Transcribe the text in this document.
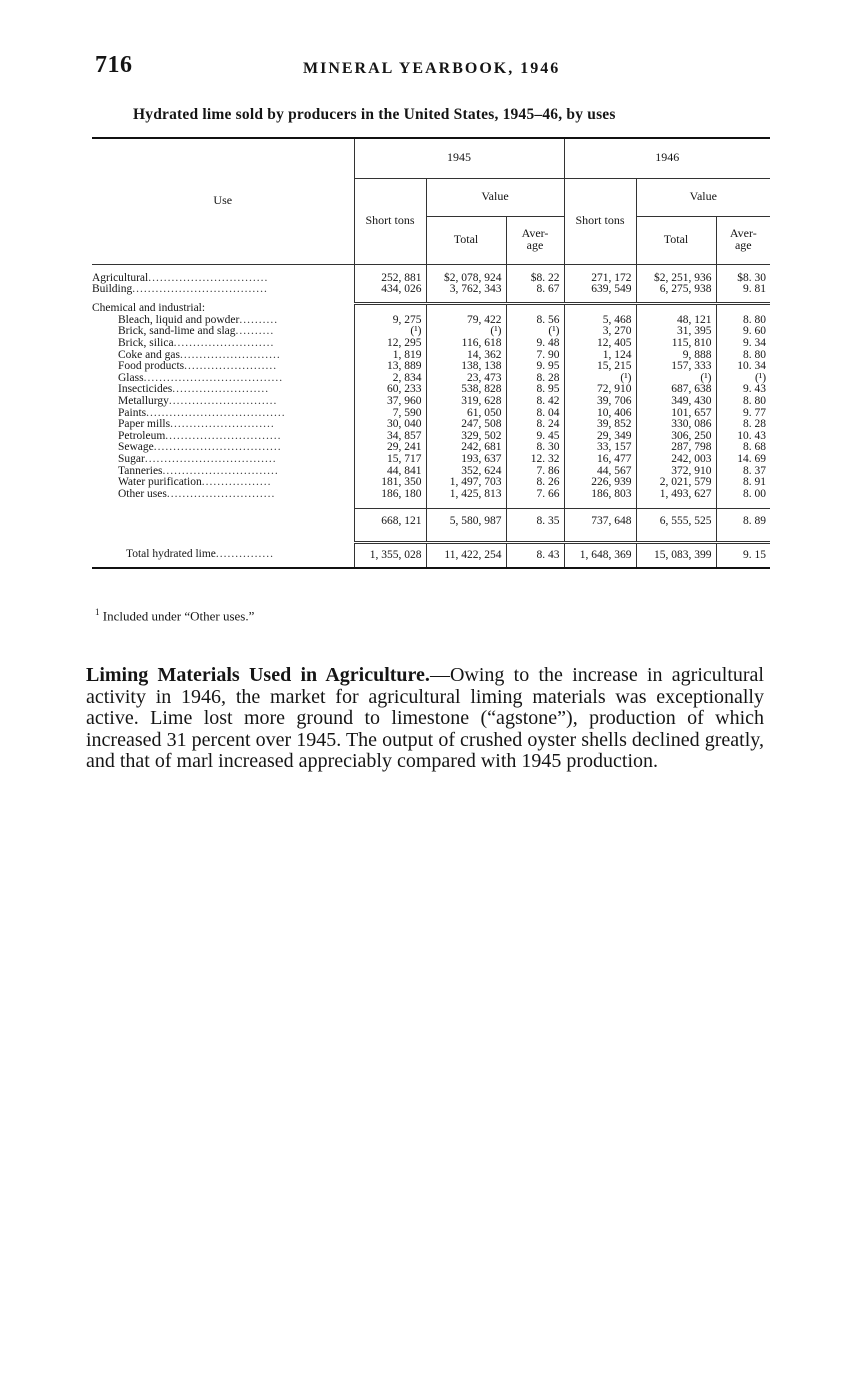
716	MINERAL YEARBOOK, 1946
Hydrated lime sold by producers in the United States, 1945–46, by uses
Use	1945			1946		
	Short tons	Value		Short tons	Value	
		Total	Aver-age		Total	Aver-age

Agricultural...............................	252, 881	$2, 078, 924	$8. 22	271, 172	$2, 251, 936	$8. 30
Building...................................	434, 026	3, 762, 343	8. 67	639, 549	6, 275, 938	9. 81

Chemical and industrial:						
Bleach, liquid and powder..........	9, 275	79, 422	8. 56	5, 468	48, 121	8. 80
Brick, sand-lime and slag..........	(¹)	(¹)	(¹)	3, 270	31, 395	9. 60
Brick, silica..........................	12, 295	116, 618	9. 48	12, 405	115, 810	9. 34
Coke and gas..........................	1, 819	14, 362	7. 90	1, 124	9, 888	8. 80
Food products........................	13, 889	138, 138	9. 95	15, 215	157, 333	10. 34
Glass....................................	2, 834	23, 473	8. 28	(¹)	(¹)	(¹)
Insecticides.........................	60, 233	538, 828	8. 95	72, 910	687, 638	9. 43
Metallurgy............................	37, 960	319, 628	8. 42	39, 706	349, 430	8. 80
Paints....................................	7, 590	61, 050	8. 04	10, 406	101, 657	9. 77
Paper mills...........................	30, 040	247, 508	8. 24	39, 852	330, 086	8. 28
Petroleum..............................	34, 857	329, 502	9. 45	29, 349	306, 250	10. 43
Sewage.................................	29, 241	242, 681	8. 30	33, 157	287, 798	8. 68
Sugar..................................	15, 717	193, 637	12. 32	16, 477	242, 003	14. 69
Tanneries..............................	44, 841	352, 624	7. 86	44, 567	372, 910	8. 37
Water purification..................	181, 350	1, 497, 703	8. 26	226, 939	2, 021, 579	8. 91
Other uses............................	186, 180	1, 425, 813	7. 66	186, 803	1, 493, 627	8. 00

	668, 121	5, 580, 987	8. 35	737, 648	6, 555, 525	8. 89

Total hydrated lime...............	1, 355, 028	11, 422, 254	8. 43	1, 648, 369	15, 083, 399	9. 15
$^1$ Included under “Other uses.”

Liming Materials Used in Agriculture.—Owing to the increase in agricultural activity in 1946, the market for agricultural liming materials was exceptionally active. Lime lost more ground to limestone (“agstone”), production of which increased 31 percent over 1945. The output of crushed oyster shells declined greatly, and that of marl increased appreciably compared with 1945 production.
